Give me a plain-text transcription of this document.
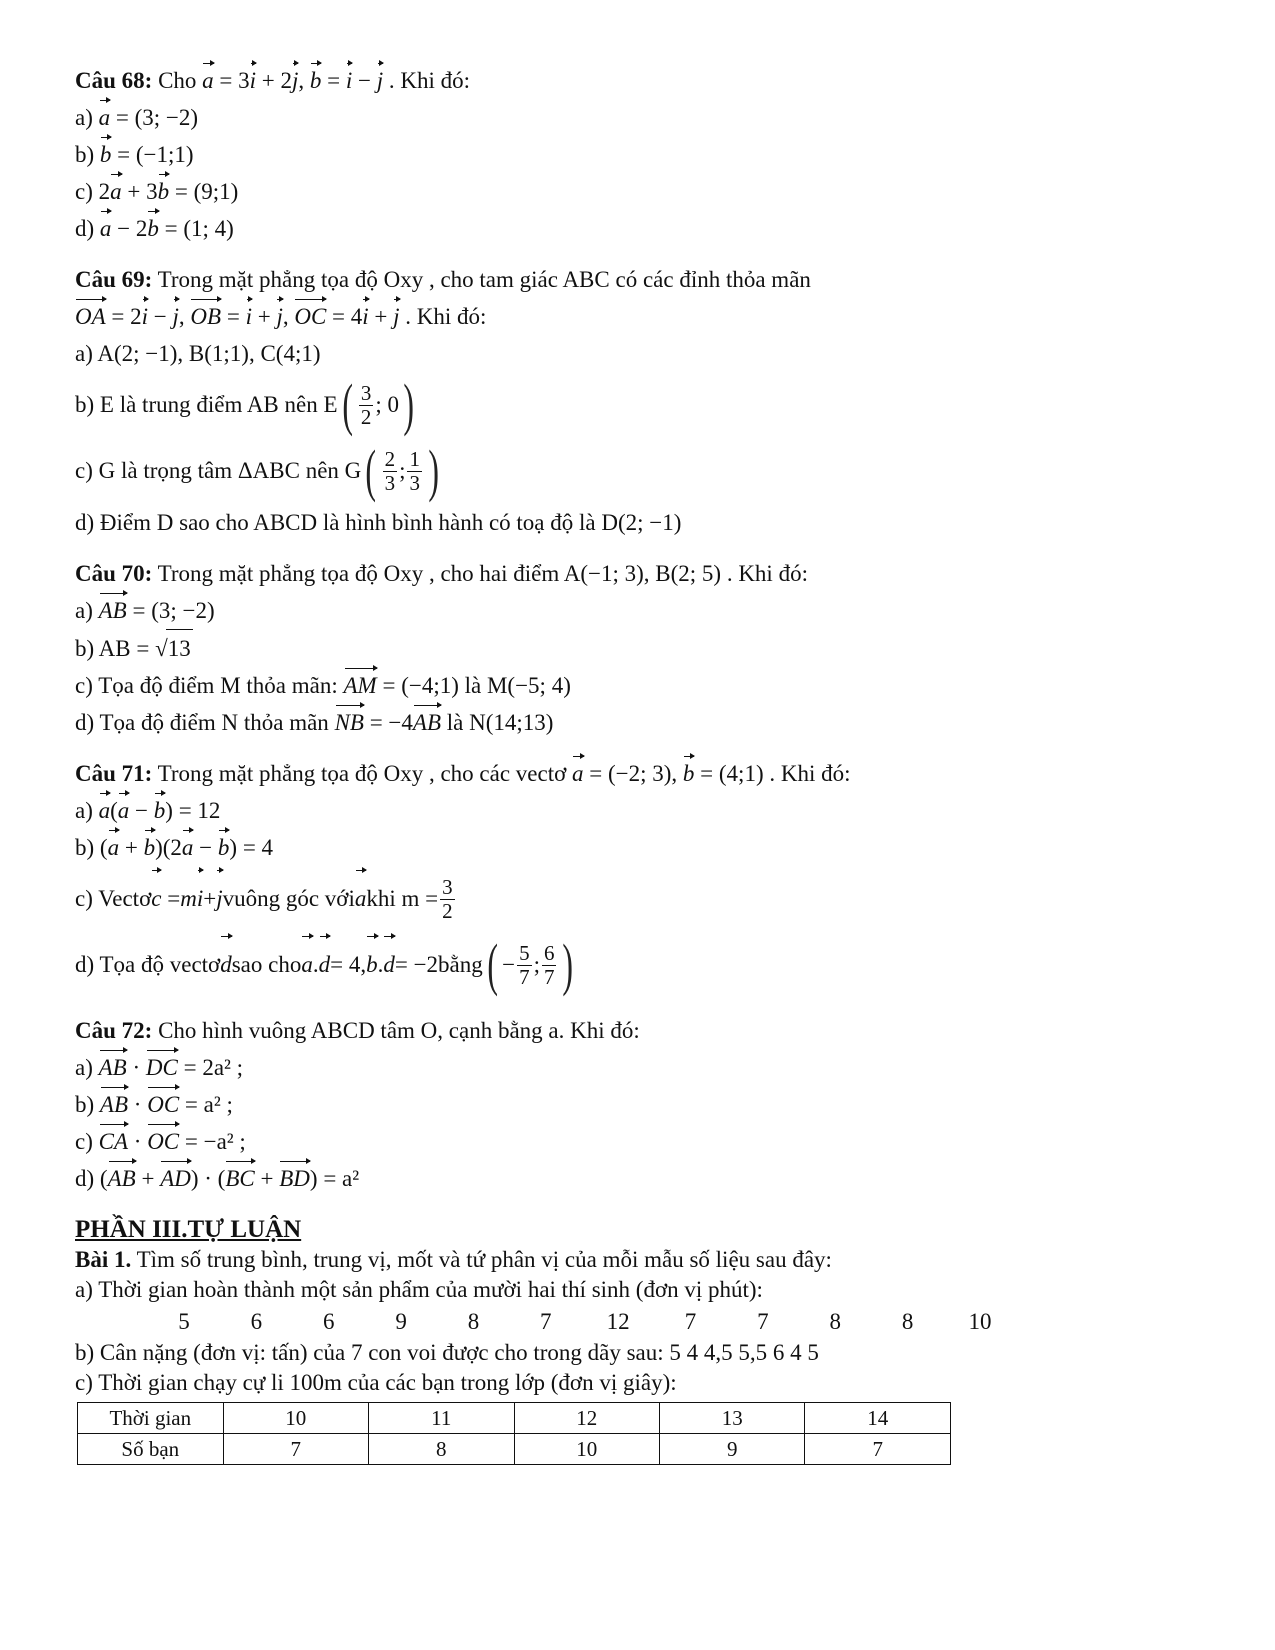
Câu 68: Cho a = 3i + 2j, b = i − j . Khi đó:
a) a = (3; −2)
b) b = (−1;1)
c) 2a + 3b = (9;1)
d) a − 2b = (1; 4)
Câu 69: Trong mặt phẳng tọa độ Oxy , cho tam giác ABC có các đỉnh thỏa mãn
OA = 2i − j, OB = i + j, OC = 4i + j . Khi đó:
a) A(2; −1), B(1;1), C(4;1)
b) E là trung điểm AB nên E ( $\frac{3}{2}$ ; 0 )
c) G là trọng tâm ΔABC nên G ( $\frac{2}{3}$ ; $\frac{1}{3}$ )
d) Điểm D sao cho ABCD là hình bình hành có toạ độ là D(2; −1)
Câu 70: Trong mặt phẳng tọa độ Oxy , cho hai điểm A(−1; 3), B(2; 5) . Khi đó:
a) AB = (3; −2)
b) AB = √13
c) Tọa độ điểm M thỏa mãn: AM = (−4;1) là M(−5; 4)
d) Tọa độ điểm N thỏa mãn NB = −4AB là N(14;13)
Câu 71: Trong mặt phẳng tọa độ Oxy , cho các vectơ a = (−2; 3), b = (4;1) . Khi đó:
a) a(a − b) = 12
b) (a + b)(2a − b) = 4
c) Vectơ c = m i + j vuông góc với a khi $m = \frac{3}{2}$
d) Tọa độ vectơ d sao cho a . d = 4, b . d = −2 bằng ( − $\frac{5}{7}$ ; $\frac{6}{7}$ )
Câu 72: Cho hình vuông ABCD tâm O, cạnh bằng a. Khi đó:
a) AB · DC = 2a² ;
b) AB · OC = a² ;
c) CA · OC = −a² ;
d) (AB + AD) · (BC + BD) = a²
PHẦN III.TỰ LUẬN
Bài 1. Tìm số trung bình, trung vị, mốt và tứ phân vị của mỗi mẫu số liệu sau đây:
a) Thời gian hoàn thành một sản phẩm của mười hai thí sinh (đơn vị phút):
5	6	6	9	8	7 12 7	7	8	8 10
b) Cân nặng (đơn vị: tấn) của 7 con voi được cho trong dãy sau: 5 4 4,5 5,5 6 4 5
c) Thời gian chạy cự li 100m của các bạn trong lớp (đơn vị giây):
Thời gian	10	11	12	13	14
Số bạn	7	8	10	9	7
